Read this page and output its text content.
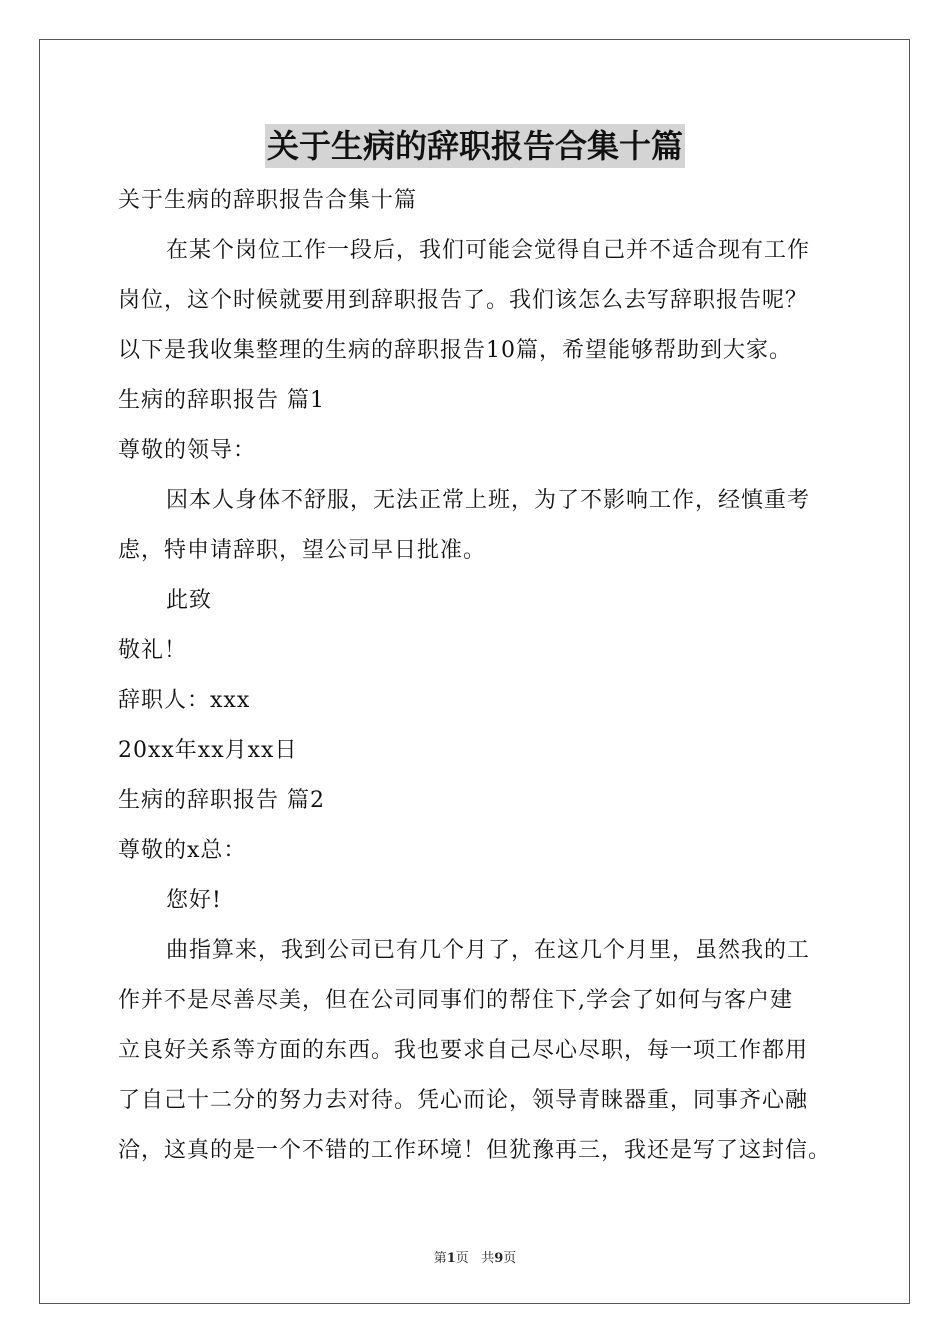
关于生病的辞职报告合集十篇
关于生病的辞职报告合集十篇
在某个岗位工作一段后，我们可能会觉得自己并不适合现有工作
岗位，这个时候就要用到辞职报告了。我们该怎么去写辞职报告呢？
以下是我收集整理的生病的辞职报告10篇，希望能够帮助到大家。
生病的辞职报告 篇1
尊敬的领导：
因本人身体不舒服，无法正常上班，为了不影响工作，经慎重考
虑，特申请辞职，望公司早日批准。
此致
敬礼！
辞职人：xxx
20xx年xx月xx日
生病的辞职报告 篇2
尊敬的x总：
您好!
曲指算来，我到公司已有几个月了，在这几个月里，虽然我的工
作并不是尽善尽美，但在公司同事们的帮住下,学会了如何与客户建
立良好关系等方面的东西。我也要求自己尽心尽职，每一项工作都用
了自己十二分的努力去对待。凭心而论，领导青睐器重，同事齐心融
洽，这真的是一个不错的工作环境！但犹豫再三，我还是写了这封信。
第1页 共9页
